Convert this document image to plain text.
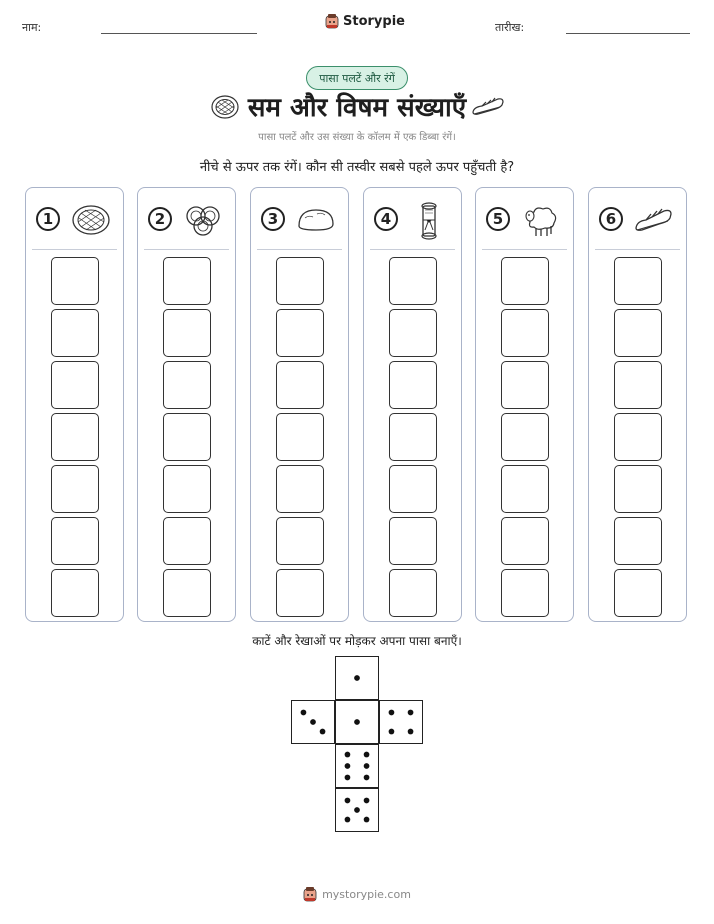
नाम:	Storypie	तारीख:
पासा पलटें और रंगें
सम और विषम संख्याएँ
पासा पलटें और उस संख्या के कॉलम में एक डिब्बा रंगें।
नीचे से ऊपर तक रंगें। कौन सी तस्वीर सबसे पहले ऊपर पहुँचती है?
1	2	3	4	5	6
काटें और रेखाओं पर मोड़कर अपना पासा बनाएँ।
mystorypie.com
